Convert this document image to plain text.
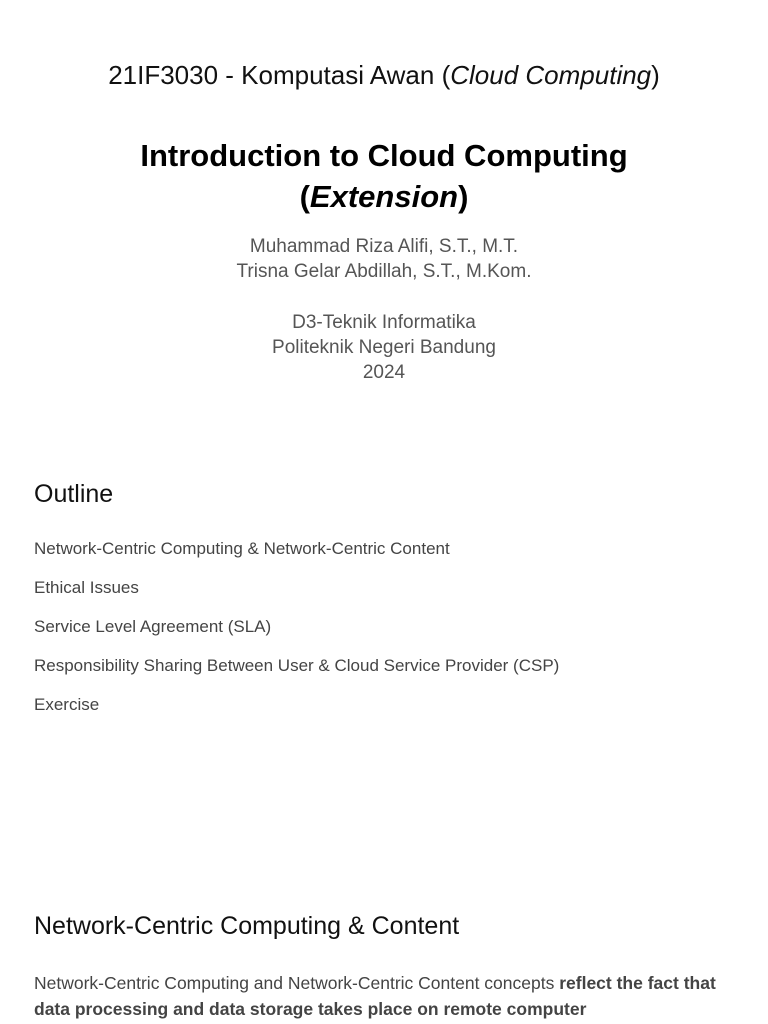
21IF3030 - Komputasi Awan (Cloud Computing)
Introduction to Cloud Computing
(Extension)
Muhammad Riza Alifi, S.T., M.T.
Trisna Gelar Abdillah, S.T., M.Kom.
D3-Teknik Informatika
Politeknik Negeri Bandung
2024
Outline
Network-Centric Computing & Network-Centric Content
Ethical Issues
Service Level Agreement (SLA)
Responsibility Sharing Between User & Cloud Service Provider (CSP)
Exercise
Network-Centric Computing & Content
Network-Centric Computing and Network-Centric Content concepts reflect the fact that data processing and data storage takes place on remote computer
